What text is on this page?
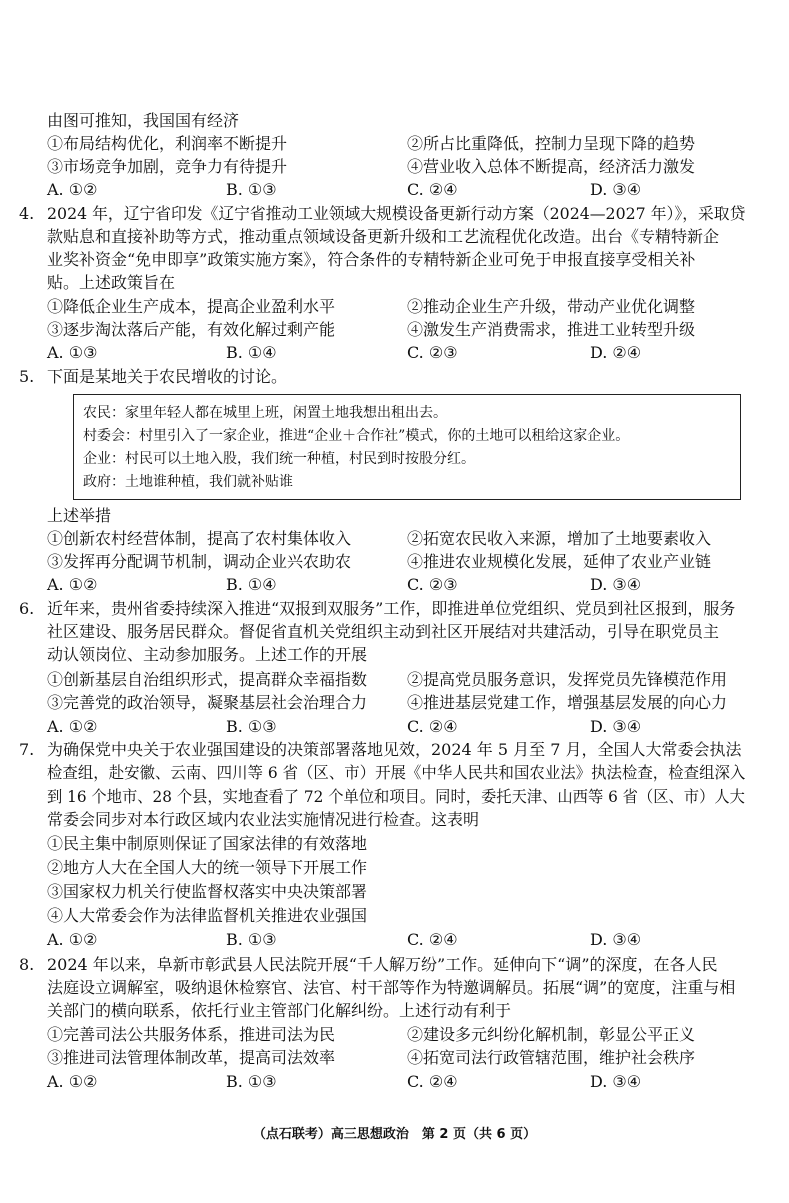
由图可推知，我国国有经济
①布局结构优化，利润率不断提升	②所占比重降低，控制力呈现下降的趋势
③市场竞争加剧，竞争力有待提升	④营业收入总体不断提高，经济活力激发
A. ①②	B. ①③	C. ②④	D. ③④
4. 2024 年，辽宁省印发《辽宁省推动工业领域大规模设备更新行动方案（2024—2027 年）》，采取贷
款贴息和直接补助等方式，推动重点领域设备更新升级和工艺流程优化改造。出台《专精特新企
业奖补资金“免申即享”政策实施方案》，符合条件的专精特新企业可免于申报直接享受相关补
贴。上述政策旨在
①降低企业生产成本，提高企业盈利水平	②推动企业生产升级，带动产业优化调整
③逐步淘汰落后产能，有效化解过剩产能	④激发生产消费需求，推进工业转型升级
A. ①③	B. ①④	C. ②③	D. ②④
5. 下面是某地关于农民增收的讨论。
农民：家里年轻人都在城里上班，闲置土地我想出租出去。
村委会：村里引入了一家企业，推进“企业＋合作社”模式，你的土地可以租给这家企业。
企业：村民可以土地入股，我们统一种植，村民到时按股分红。
政府：土地谁种植，我们就补贴谁
上述举措
①创新农村经营体制，提高了农村集体收入	②拓宽农民收入来源，增加了土地要素收入
③发挥再分配调节机制，调动企业兴农助农	④推进农业规模化发展，延伸了农业产业链
A. ①②	B. ①④	C. ②③	D. ③④
6. 近年来，贵州省委持续深入推进“双报到双服务”工作，即推进单位党组织、党员到社区报到，服务
社区建设、服务居民群众。督促省直机关党组织主动到社区开展结对共建活动，引导在职党员主
动认领岗位、主动参加服务。上述工作的开展
①创新基层自治组织形式，提高群众幸福指数 ②提高党员服务意识，发挥党员先锋模范作用
③完善党的政治领导，凝聚基层社会治理合力 ④推进基层党建工作，增强基层发展的向心力
A. ①②	B. ①③	C. ②④	D. ③④
7. 为确保党中央关于农业强国建设的决策部署落地见效，2024 年 5 月至 7 月，全国人大常委会执法
检查组，赴安徽、云南、四川等 6 省（区、市）开展《中华人民共和国农业法》执法检查，检查组深入
到 16 个地市、28 个县，实地查看了 72 个单位和项目。同时，委托天津、山西等 6 省（区、市）人大
常委会同步对本行政区域内农业法实施情况进行检查。这表明
①民主集中制原则保证了国家法律的有效落地
②地方人大在全国人大的统一领导下开展工作
③国家权力机关行使监督权落实中央决策部署
④人大常委会作为法律监督机关推进农业强国
A. ①②	B. ①③	C. ②④	D. ③④
8. 2024 年以来，阜新市彰武县人民法院开展“千人解万纷”工作。延伸向下“调”的深度，在各人民
法庭设立调解室，吸纳退休检察官、法官、村干部等作为特邀调解员。拓展“调”的宽度，注重与相
关部门的横向联系，依托行业主管部门化解纠纷。上述行动有利于
①完善司法公共服务体系，推进司法为民	②建设多元纠纷化解机制，彰显公平正义
③推进司法管理体制改革，提高司法效率	④拓宽司法行政管辖范围，维护社会秩序
A. ①②	B. ①③	C. ②④	D. ③④
（点石联考）高三思想政治　第 2 页（共 6 页）
